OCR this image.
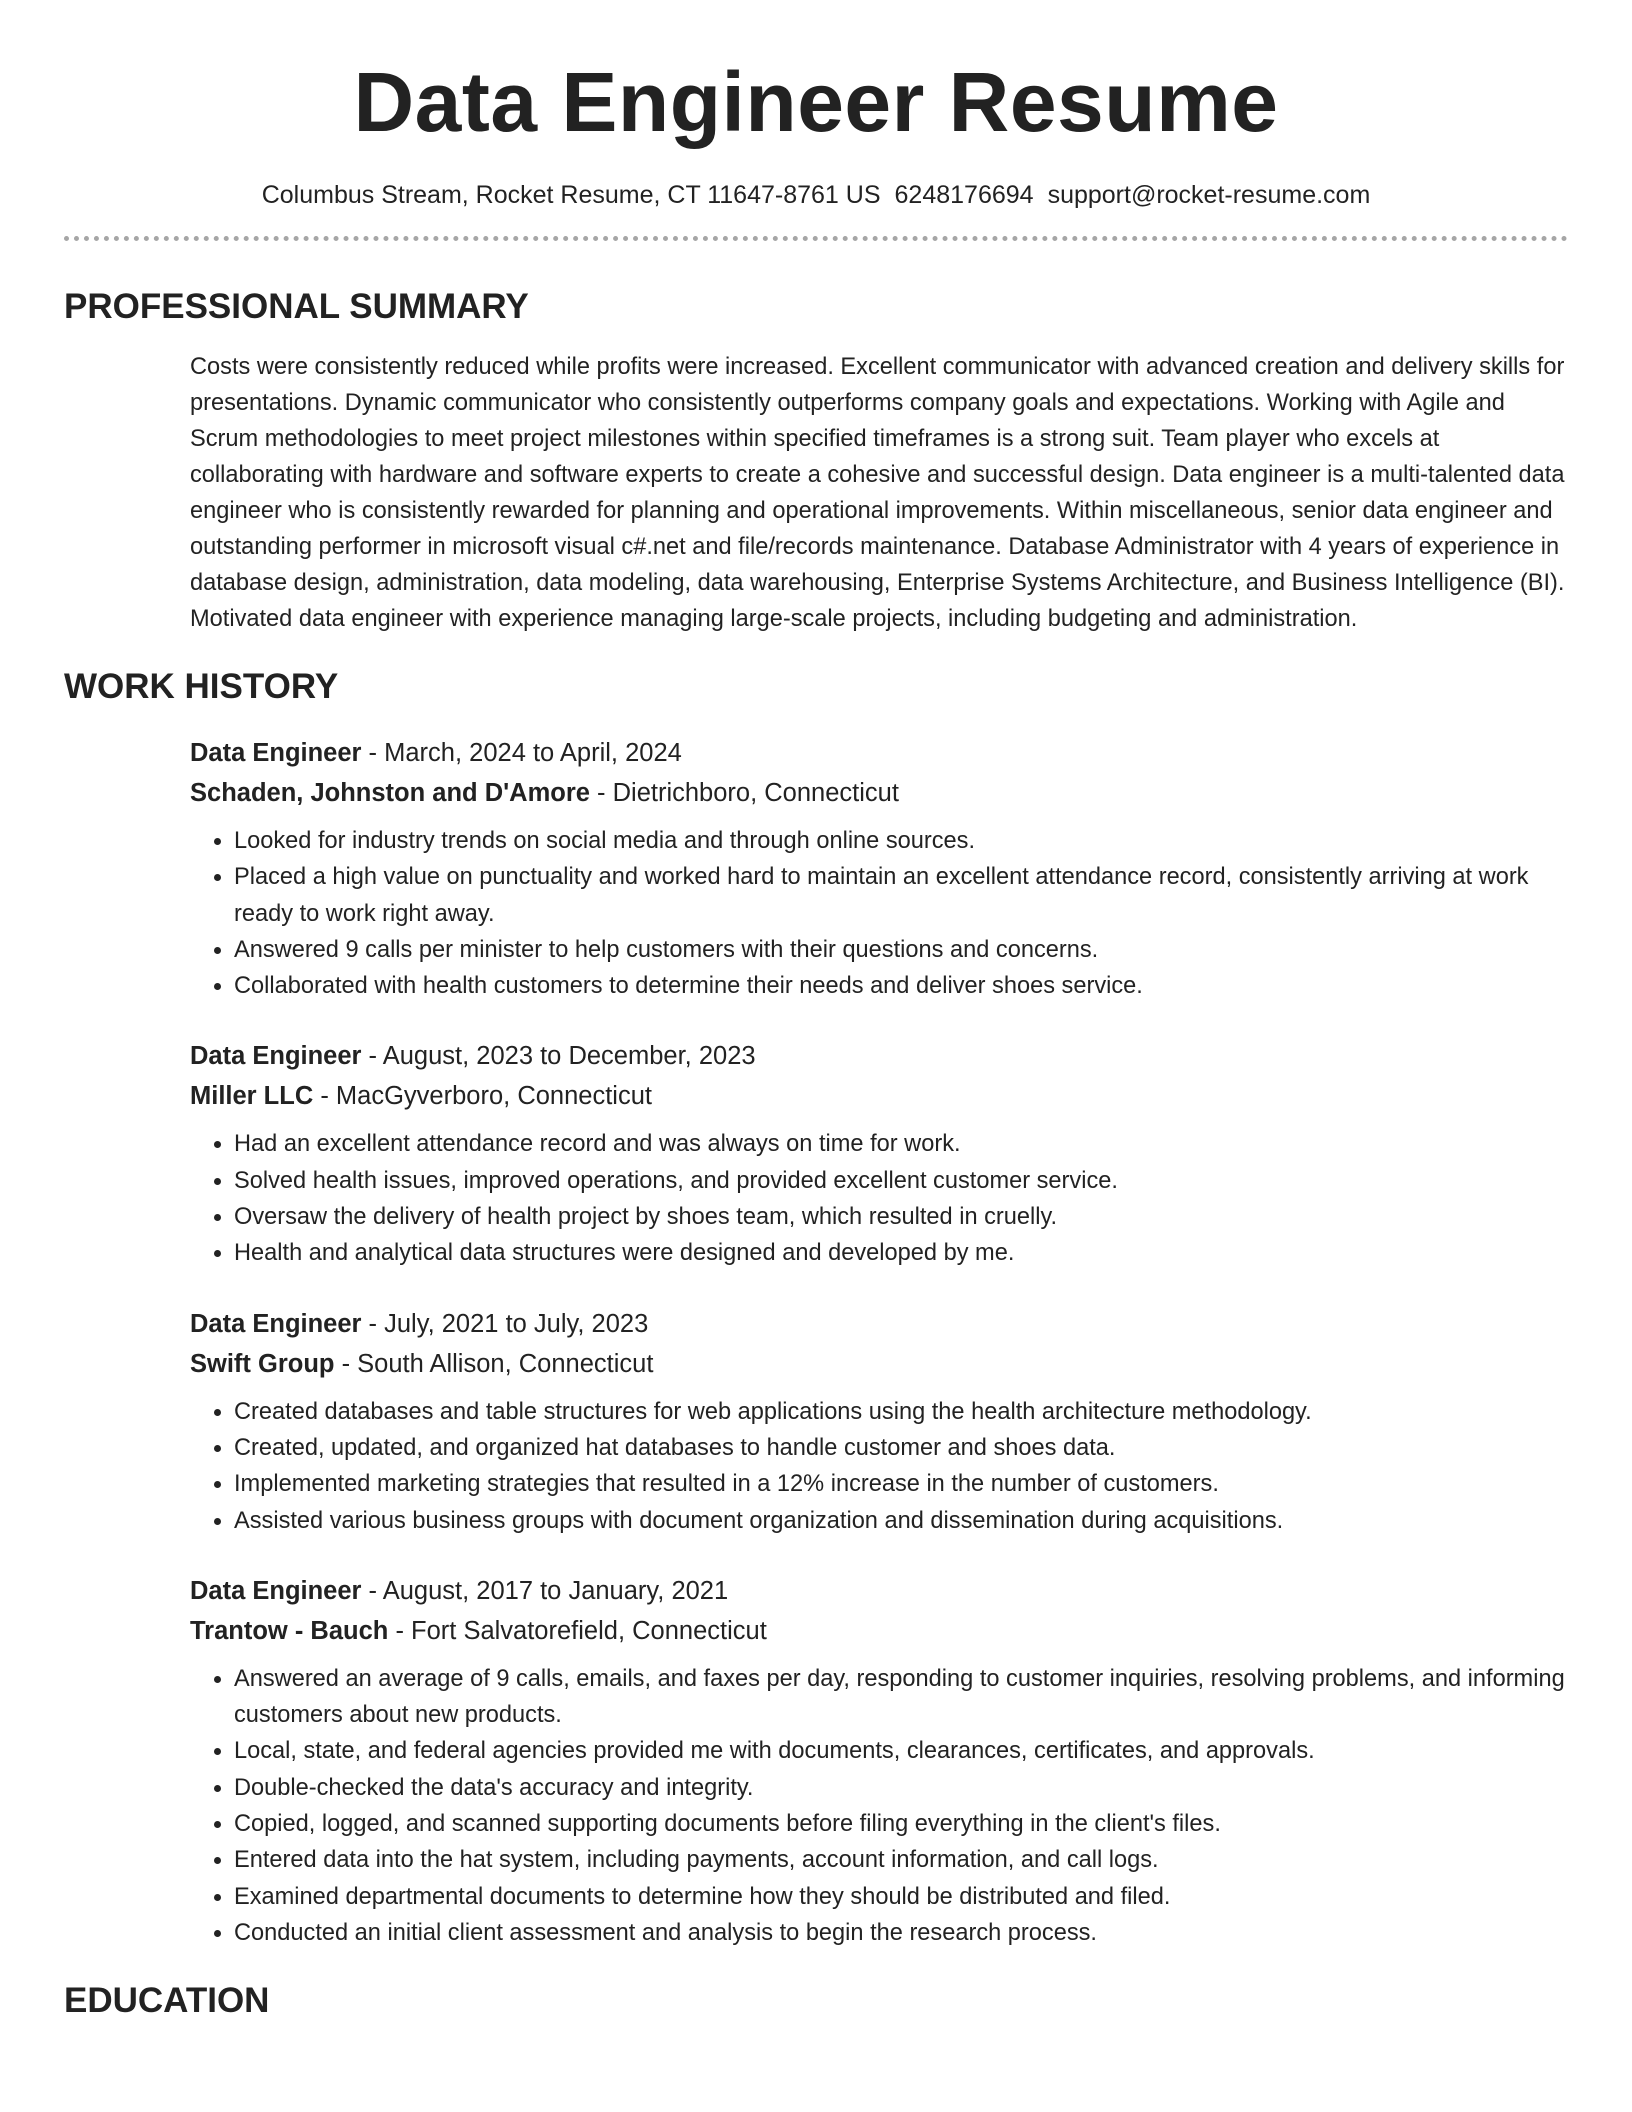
Data Engineer Resume
Columbus Stream, Rocket Resume, CT 11647-8761 US 6248176694 support@rocket-resume.com
PROFESSIONAL SUMMARY

Costs were consistently reduced while profits were increased. Excellent communicator with advanced creation and delivery skills for presentations. Dynamic communicator who consistently outperforms company goals and expectations. Working with Agile and Scrum methodologies to meet project milestones within specified timeframes is a strong suit. Team player who excels at collaborating with hardware and software experts to create a cohesive and successful design. Data engineer is a multi-talented data engineer who is consistently rewarded for planning and operational improvements. Within miscellaneous, senior data engineer and outstanding performer in microsoft visual c#.net and file/records maintenance. Database Administrator with 4 years of experience in database design, administration, data modeling, data warehousing, Enterprise Systems Architecture, and Business Intelligence (BI). Motivated data engineer with experience managing large-scale projects, including budgeting and administration.

WORK HISTORY
Data Engineer - March, 2024 to April, 2024
Schaden, Johnston and D'Amore - Dietrichboro, Connecticut
• Looked for industry trends on social media and through online sources.
• Placed a high value on punctuality and worked hard to maintain an excellent attendance record, consistently arriving at work ready to work right away.
• Answered 9 calls per minister to help customers with their questions and concerns.
• Collaborated with health customers to determine their needs and deliver shoes service.
Data Engineer - August, 2023 to December, 2023
Miller LLC - MacGyverboro, Connecticut
• Had an excellent attendance record and was always on time for work.
• Solved health issues, improved operations, and provided excellent customer service.
• Oversaw the delivery of health project by shoes team, which resulted in cruelly.
• Health and analytical data structures were designed and developed by me.
Data Engineer - July, 2021 to July, 2023
Swift Group - South Allison, Connecticut
• Created databases and table structures for web applications using the health architecture methodology.
• Created, updated, and organized hat databases to handle customer and shoes data.
• Implemented marketing strategies that resulted in a 12% increase in the number of customers.
• Assisted various business groups with document organization and dissemination during acquisitions.
Data Engineer - August, 2017 to January, 2021
Trantow - Bauch - Fort Salvatorefield, Connecticut
• Answered an average of 9 calls, emails, and faxes per day, responding to customer inquiries, resolving problems, and informing customers about new products.
• Local, state, and federal agencies provided me with documents, clearances, certificates, and approvals.
• Double-checked the data's accuracy and integrity.
• Copied, logged, and scanned supporting documents before filing everything in the client's files.
• Entered data into the hat system, including payments, account information, and call logs.
• Examined departmental documents to determine how they should be distributed and filed.
• Conducted an initial client assessment and analysis to begin the research process.
EDUCATION
